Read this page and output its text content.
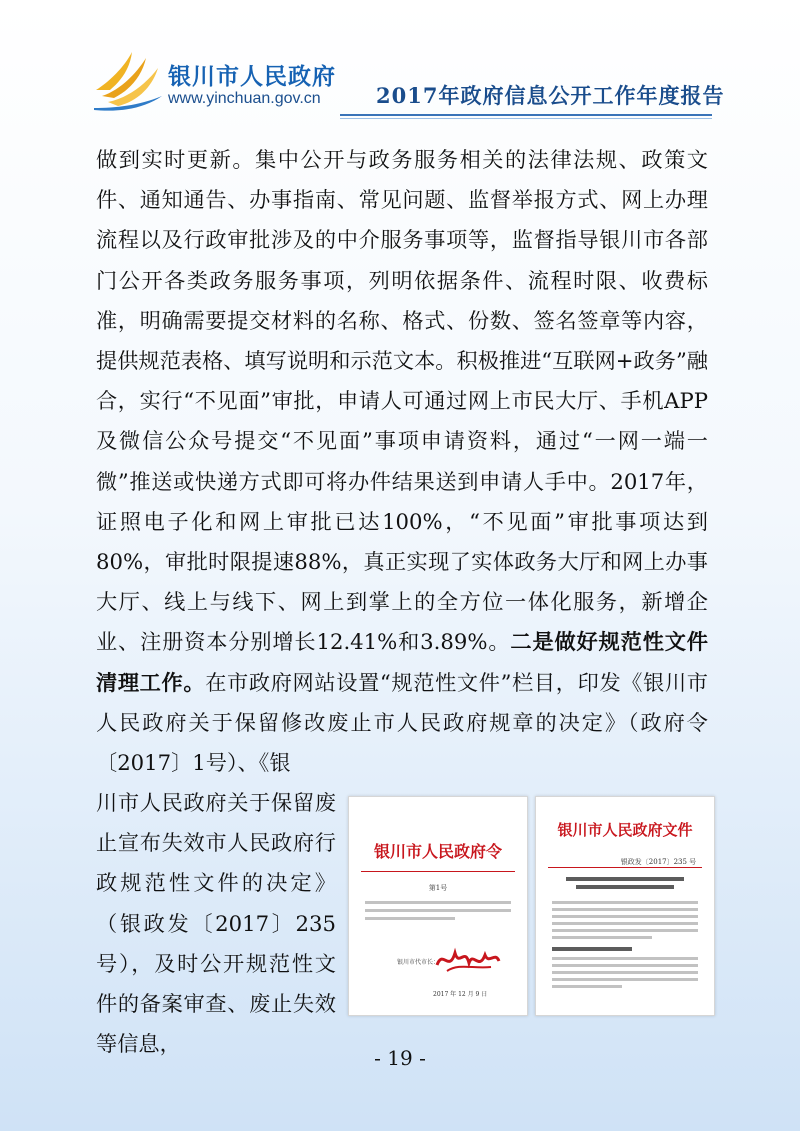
银川市人民政府
www.yinchuan.gov.cn	2017年政府信息公开工作年度报告

做到实时更新。集中公开与政务服务相关的法律法规、政策文件、通知通告、办事指南、常见问题、监督举报方式、网上办理流程以及行政审批涉及的中介服务事项等，监督指导银川市各部门公开各类政务服务事项，列明依据条件、流程时限、收费标准，明确需要提交材料的名称、格式、份数、签名签章等内容，提供规范表格、填写说明和示范文本。积极推进“互联网+政务”融合，实行“不见面”审批，申请人可通过网上市民大厅、手机APP及微信公众号提交“不见面”事项申请资料，通过“一网一端一微”推送或快递方式即可将办件结果送到申请人手中。2017年，证照电子化和网上审批已达100%，“不见面”审批事项达到80%，审批时限提速88%，真正实现了实体政务大厅和网上办事大厅、线上与线下、网上到掌上的全方位一体化服务，新增企业、注册资本分别增长12.41%和3.89%。二是做好规范性文件清理工作。在市政府网站设置“规范性文件”栏目，印发《银川市人民政府关于保留修改废止市人民政府规章的决定》（政府令〔2017〕1号）、《银

川市人民政府关于保留废止宣布失效市人民政府行政规范性文件的决定》（银政发〔2017〕235号），及时公开规范性文件的备案审查、废止失效等信息，
银川市人民政府令
第1号
银川市代市长：
2017 年 12 月 9 日
银川市人民政府文件
银政发〔2017〕235 号
- 19 -
